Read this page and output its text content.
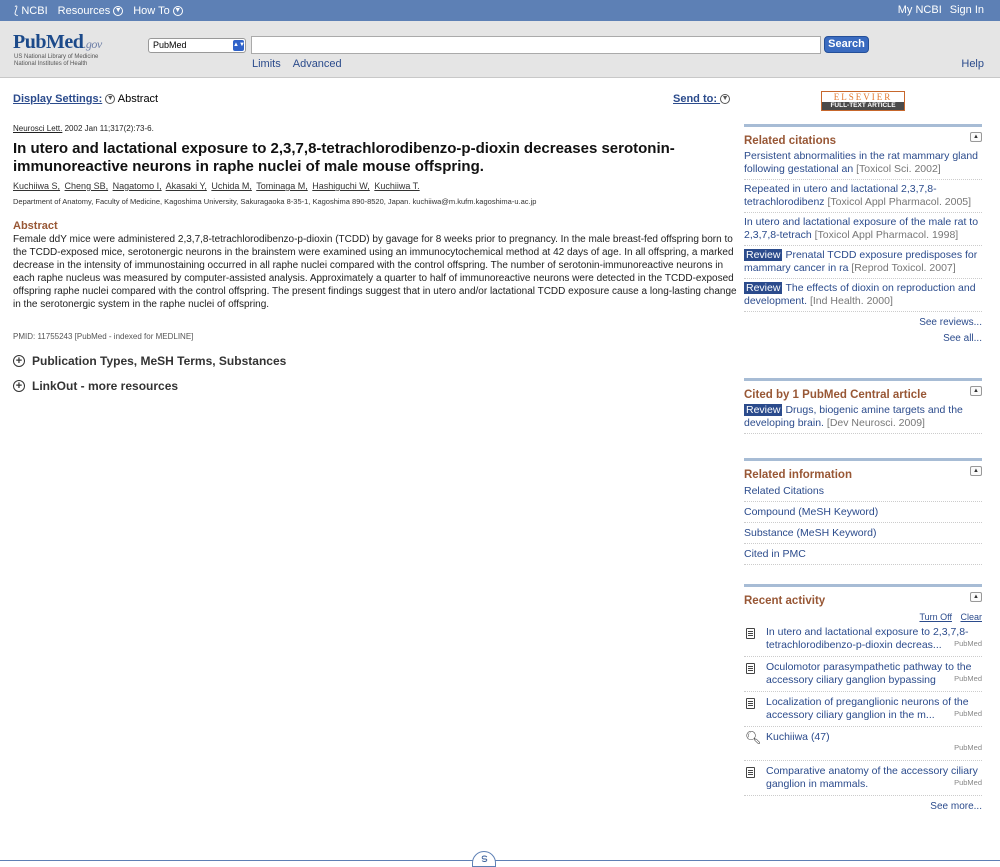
⟅ NCBI Resources ▼ How To ▼	My NCBI Sign In
PubMed.gov
US National Library of Medicine
National Institutes of Health
PubMed	▲▼	Search
Limits Advanced	Help
Display Settings: ▼ Abstract	Send to: ▼
Neurosci Lett. 2002 Jan 11;317(2):73-6.
In utero and lactational exposure to 2,3,7,8-tetrachlorodibenzo-p-dioxin decreases serotonin-immunoreactive neurons in raphe nuclei of male mouse offspring.
Kuchiiwa S, Cheng SB, Nagatomo I, Akasaki Y, Uchida M, Tominaga M, Hashiguchi W, Kuchiiwa T.
Department of Anatomy, Faculty of Medicine, Kagoshima University, Sakuragaoka 8-35-1, Kagoshima 890-8520, Japan. kuchiiwa@m.kufm.kagoshima-u.ac.jp
Abstract
Female ddY mice were administered 2,3,7,8-tetrachlorodibenzo-p-dioxin (TCDD) by gavage for 8 weeks prior to pregnancy. In the male breast-fed offspring born to the TCDD-exposed mice, serotonergic neurons in the brainstem were examined using an immunocytochemical method at 42 days of age. In all offspring, a marked decrease in the intensity of immunostaining occurred in all raphe nuclei compared with the control offspring. The number of serotonin-immunoreactive neurons in each raphe nucleus was measured by computer-assisted analysis. Approximately a quarter to half of immunoreactive neurons were detected in the TCDD-exposed offspring raphe nuclei compared with the control offspring. The present findings suggest that in utero and/or lactational TCDD exposure cause a long-lasting change in the serotonergic system in the raphe nuclei of offspring.
PMID: 11755243 [PubMed - indexed for MEDLINE]
+ Publication Types, MeSH Terms, Substances
+ LinkOut - more resources
ELSEVIER
FULL-TEXT ARTICLE
Related citations	▲
Persistent abnormalities in the rat mammary gland following gestational an [Toxicol Sci. 2002]
Repeated in utero and lactational 2,3,7,8-tetrachlorodibenz [Toxicol Appl Pharmacol. 2005]
In utero and lactational exposure of the male rat to 2,3,7,8-tetrach [Toxicol Appl Pharmacol. 1998]
Review Prenatal TCDD exposure predisposes for mammary cancer in ra [Reprod Toxicol. 2007]
Review The effects of dioxin on reproduction and development. [Ind Health. 2000]
See reviews...
See all...
Cited by 1 PubMed Central article	▲
Review Drugs, biogenic amine targets and the developing brain. [Dev Neurosci. 2009]
Related information	▲
Related Citations
Compound (MeSH Keyword)
Substance (MeSH Keyword)
Cited in PMC
Recent activity	▲
Turn Off Clear
In utero and lactational exposure to 2,3,7,8-tetrachlorodibenzo-p-dioxin decreas... PubMed
Oculomotor parasympathetic pathway to the accessory ciliary ganglion bypassing PubMed
Localization of preganglionic neurons of the accessory ciliary ganglion in the m...	PubMed
🔍︎ Kuchiiwa (47)
PubMed
Comparative anatomy of the accessory ciliary ganglion in mammals.	PubMed
See more...
ട
